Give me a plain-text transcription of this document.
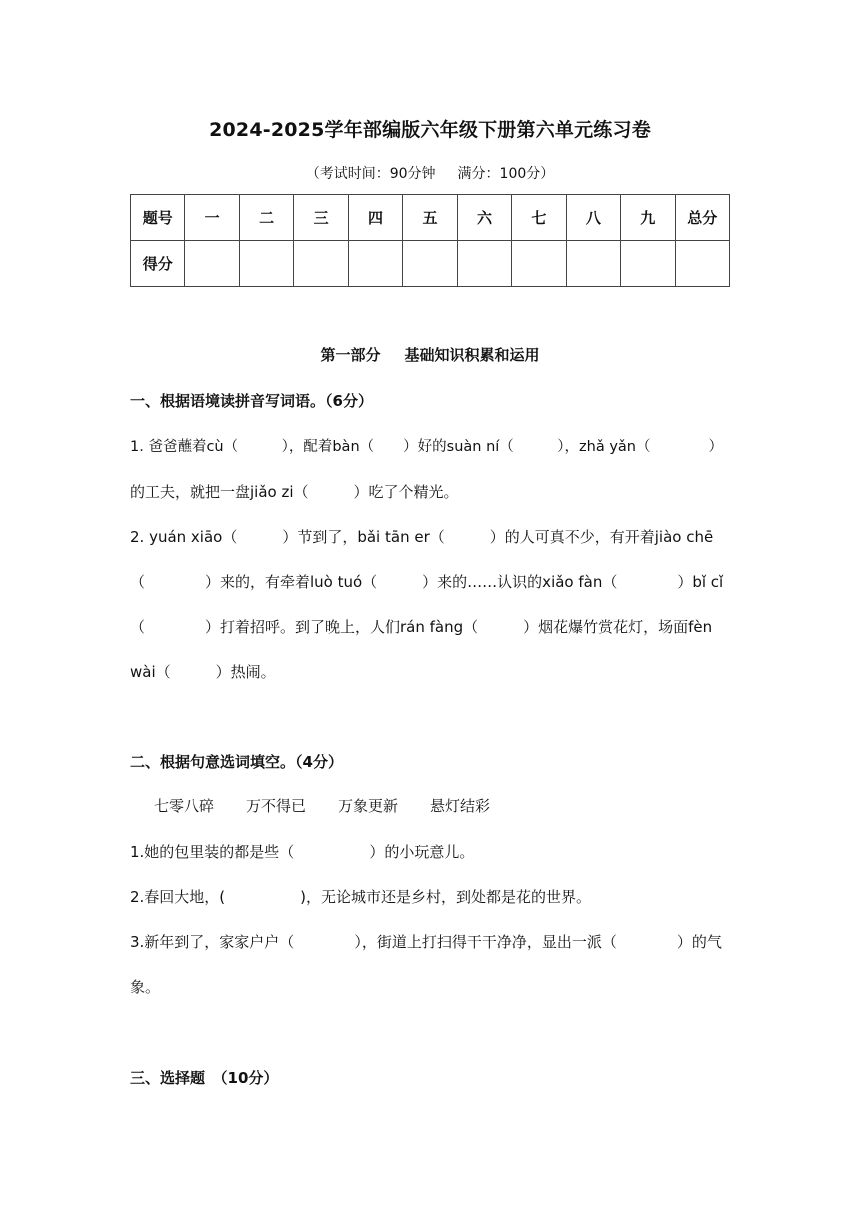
2024-2025学年部编版六年级下册第六单元练习卷
（考试时间：90分钟 满分：100分）
题号	一	二	三	四	五	六	七	八	九	总分
得分										
第一部分 基础知识积累和运用
一、根据语境读拼音写词语。（6分）
1. 爸爸蘸着cù（　　　），配着bàn（　　）好的suàn ní（　　　），zhǎ yǎn（　　　　）
的工夫，就把一盘jiǎo zi（　　　）吃了个精光。
2. yuán xiāo（　　　）节到了，bǎi tān er（　　　）的人可真不少，有开着jiào chē
（　　　　）来的，有牵着luò tuó（　　　）来的……认识的xiǎo fàn（　　　　）bǐ cǐ
（　　　　）打着招呼。到了晚上，人们rán fàng（　　　）烟花爆竹赏花灯，场面fèn
wài（　　　）热闹。
二、根据句意选词填空。（4分）
七零八碎 万不得已 万象更新 悬灯结彩
1.她的包里装的都是些（　　　　　）的小玩意儿。
2.春回大地，(　　　　　)，无论城市还是乡村，到处都是花的世界。
3.新年到了，家家户户（　　　　），街道上打扫得干干净净，显出一派（　　　　）的气
象。
三、选择题　（10分）
